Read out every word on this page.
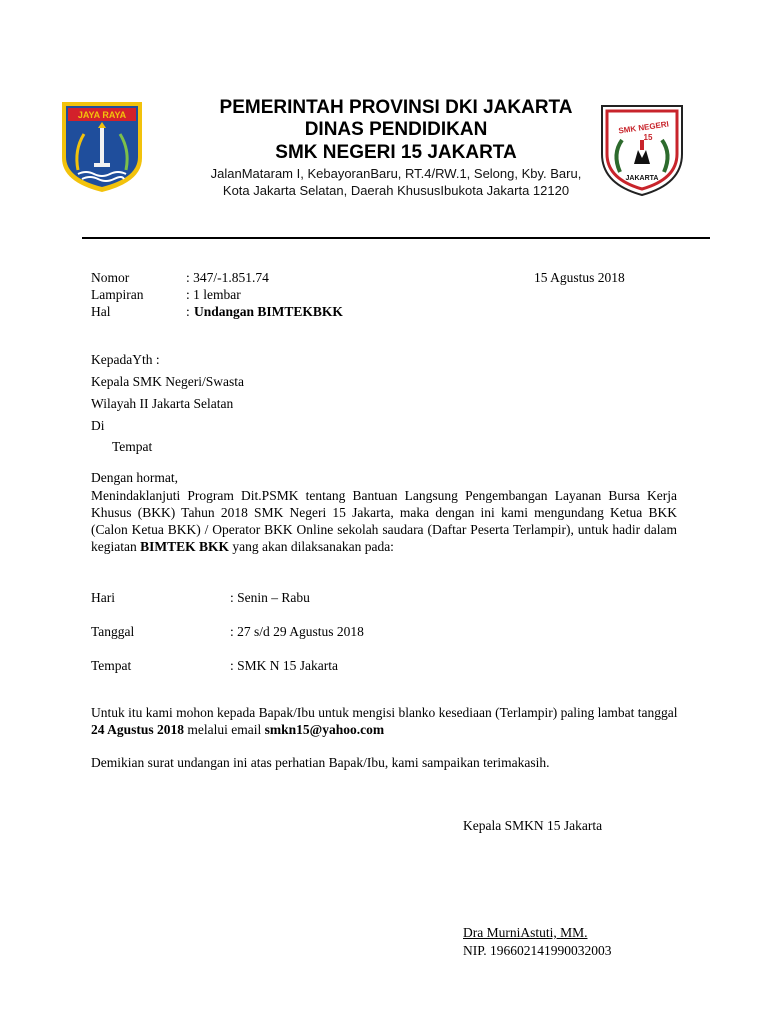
JAYA RAYA	PEMERINTAH PROVINSI DKI JAKARTA
DINAS PENDIDIKAN
SMK NEGERI 15 JAKARTA
JalanMataram I, KebayoranBaru, RT.4/RW.1, Selong, Kby. Baru,
Kota Jakarta Selatan, Daerah KhususIbukota Jakarta 12120
SMK NEGERI
15
JAKARTA
Nomor	: 347/-1.851.74	15 Agustus 2018
Lampiran	: 1 lembar
Hal	: Undangan BIMTEKBKK
KepadaYth :
Kepala SMK Negeri/Swasta
Wilayah II Jakarta Selatan
Di
Tempat
Dengan hormat,
Menindaklanjuti Program Dit.PSMK tentang Bantuan Langsung Pengembangan Layanan Bursa Kerja Khusus (BKK) Tahun 2018 SMK Negeri 15 Jakarta, maka dengan ini kami mengundang Ketua BKK (Calon Ketua BKK) / Operator BKK Online sekolah saudara (Daftar Peserta Terlampir), untuk hadir dalam kegiatan BIMTEK BKK yang akan dilaksanakan pada:
Hari	: Senin – Rabu
Tanggal	: 27 s/d 29 Agustus 2018
Tempat	: SMK N 15 Jakarta
Untuk itu kami mohon kepada Bapak/Ibu untuk mengisi blanko kesediaan (Terlampir) paling lambat tanggal 24 Agustus 2018 melalui email smkn15@yahoo.com
Demikian surat undangan ini atas perhatian Bapak/Ibu, kami sampaikan terimakasih.
Kepala SMKN 15 Jakarta
Dra MurniAstuti, MM.
NIP. 196602141990032003
